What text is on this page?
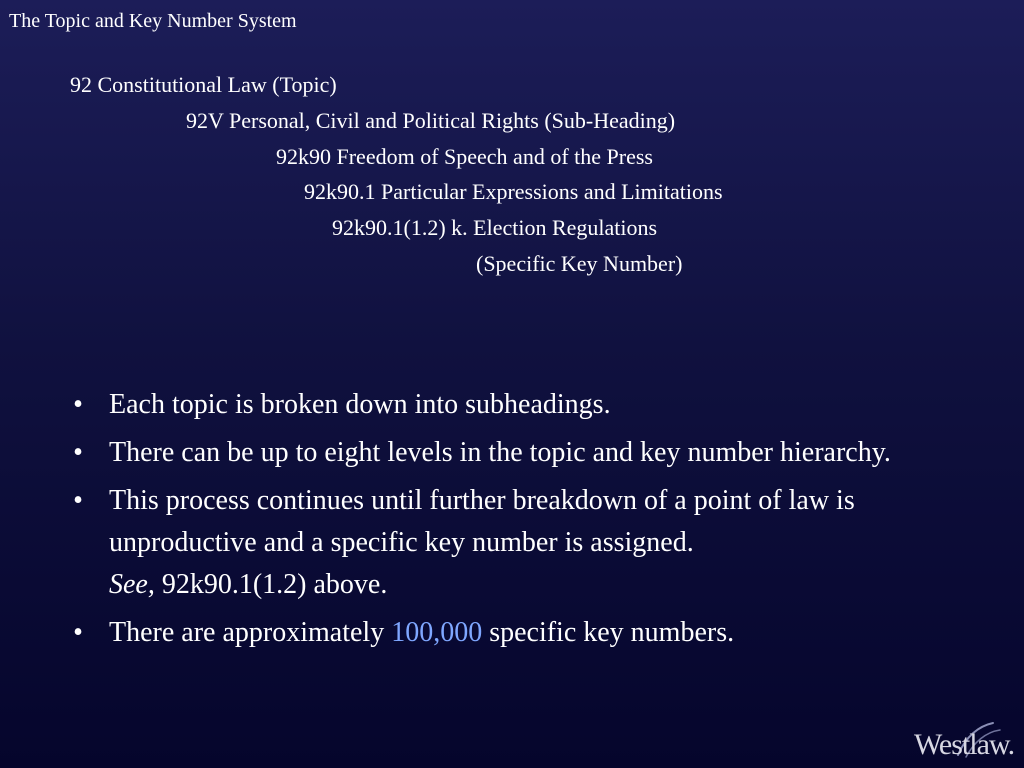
The Topic and Key Number System
92 Constitutional Law (Topic)
92V Personal, Civil and Political Rights (Sub-Heading)
92k90 Freedom of Speech and of the Press
92k90.1 Particular Expressions and Limitations
92k90.1(1.2) k. Election Regulations
(Specific Key Number)
• Each topic is broken down into subheadings.
• There can be up to eight levels in the topic and key number hierarchy.
• This process continues until further breakdown of a point of law is unproductive and a specific key number is assigned.
See, 92k90.1(1.2) above.
• There are approximately 100,000 specific key numbers.
Westlaw.
